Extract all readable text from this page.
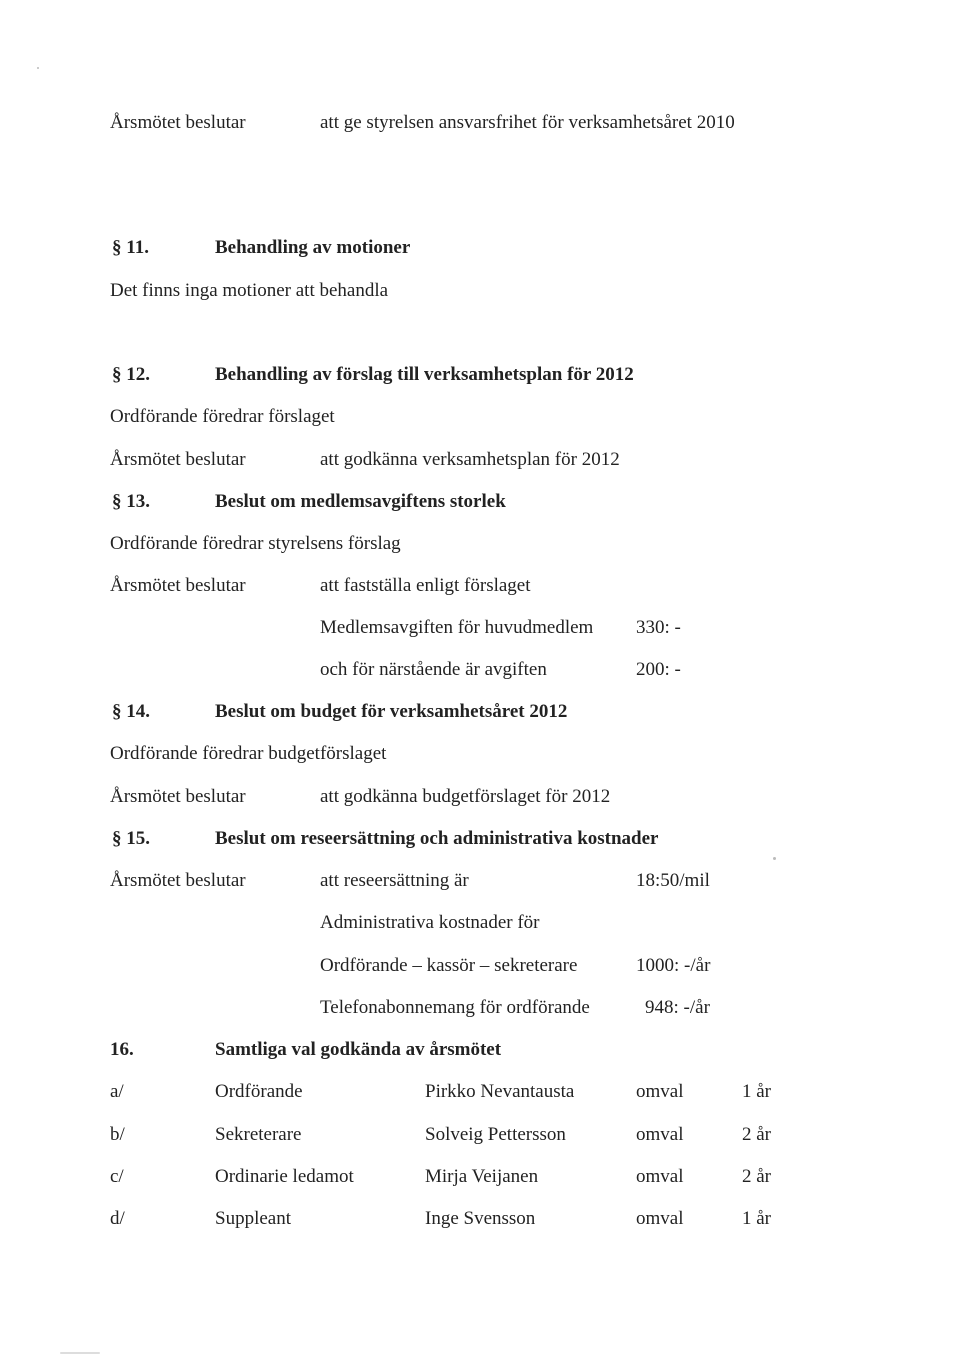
Årsmötet beslutar	att ge styrelsen ansvarsfrihet för verksamhetsåret 2010
§ 11.	Behandling av motioner
Det finns inga motioner att behandla
§ 12.	Behandling av förslag till verksamhetsplan för 2012
Ordförande föredrar förslaget
Årsmötet beslutar	att godkänna verksamhetsplan för 2012
§ 13.	Beslut om medlemsavgiftens storlek
Ordförande föredrar styrelsens förslag
Årsmötet beslutar	att fastställa enligt förslaget
Medlemsavgiften för huvudmedlem 330: -
och för närstående är avgiften	200: -
§ 14.	Beslut om budget för verksamhetsåret 2012
Ordförande föredrar budgetförslaget
Årsmötet beslutar	att godkänna budgetförslaget för 2012
§ 15.	Beslut om reseersättning och administrativa kostnader
Årsmötet beslutar	att reseersättning är	18:50/mil
Administrativa kostnader för
Ordförande – kassör – sekreterare	1000: -/år
Telefonabonnemang för ordförande	948: -/år
16.	Samtliga val godkända av årsmötet
a/	Ordförande	Pirkko Nevantausta	omval	1 år
b/	Sekreterare	Solveig Pettersson	omval	2 år
c/	Ordinarie ledamot	Mirja Veijanen	omval	2 år
d/	Suppleant	Inge Svensson	omval	1 år
